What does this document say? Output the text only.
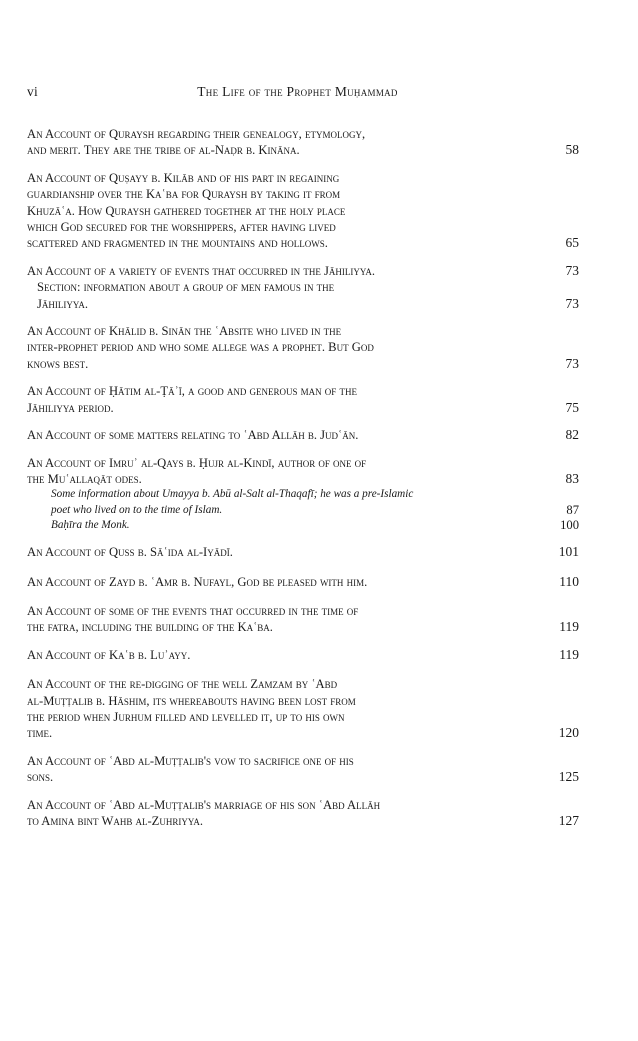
vi	The Life of the Prophet Muḥammad
An Account of Quraysh regarding their genealogy, etymology,
and merit. They are the tribe of al-Naḍr b. Kināna.	58
An Account of Quṣayy b. Kilāb and of his part in regaining
guardianship over the Kaʿba for Quraysh by taking it from
Khuzāʿa. How Quraysh gathered together at the holy place
which God secured for the worshippers, after having lived
scattered and fragmented in the mountains and hollows.	65
An Account of a variety of events that occurred in the Jāhiliyya.	73
Section: information about a group of men famous in the
Jāhiliyya.	73
An Account of Khālid b. Sinān the ʿAbsite who lived in the
inter-prophet period and who some allege was a prophet. But God
knows best.	73
An Account of Ḥātim al-Ṭāʾī, a good and generous man of the
Jāhiliyya period.	75
An Account of some matters relating to ʿAbd Allāh b. Judʿān.	82
An Account of Imruʾ al-Qays b. Ḥujr al-Kindī, author of one of
the Muʿallaqāt odes.	83
Some information about Umayya b. Abū al-Salt al-Thaqafī; he was a pre-Islamic
poet who lived on to the time of Islam.	87
Baḥīra the Monk.	100
An Account of Quss b. Sāʿida al-Iyādī.	101
An Account of Zayd b. ʿAmr b. Nufayl, God be pleased with him.	110
An Account of some of the events that occurred in the time of
the fatra, including the building of the Kaʿba.	119
An Account of Kaʿb b. Luʾayy.	119
An Account of the re-digging of the well Zamzam by ʿAbd
al-Muṭṭalib b. Hāshim, its whereabouts having been lost from
the period when Jurhum filled and levelled it, up to his own
time.	120
An Account of ʿAbd al-Muṭṭalib's vow to sacrifice one of his
sons.	125
An Account of ʿAbd al-Muṭṭalib's marriage of his son ʿAbd Allāh
to Amina bint Wahb al-Zuhriyya.	127
